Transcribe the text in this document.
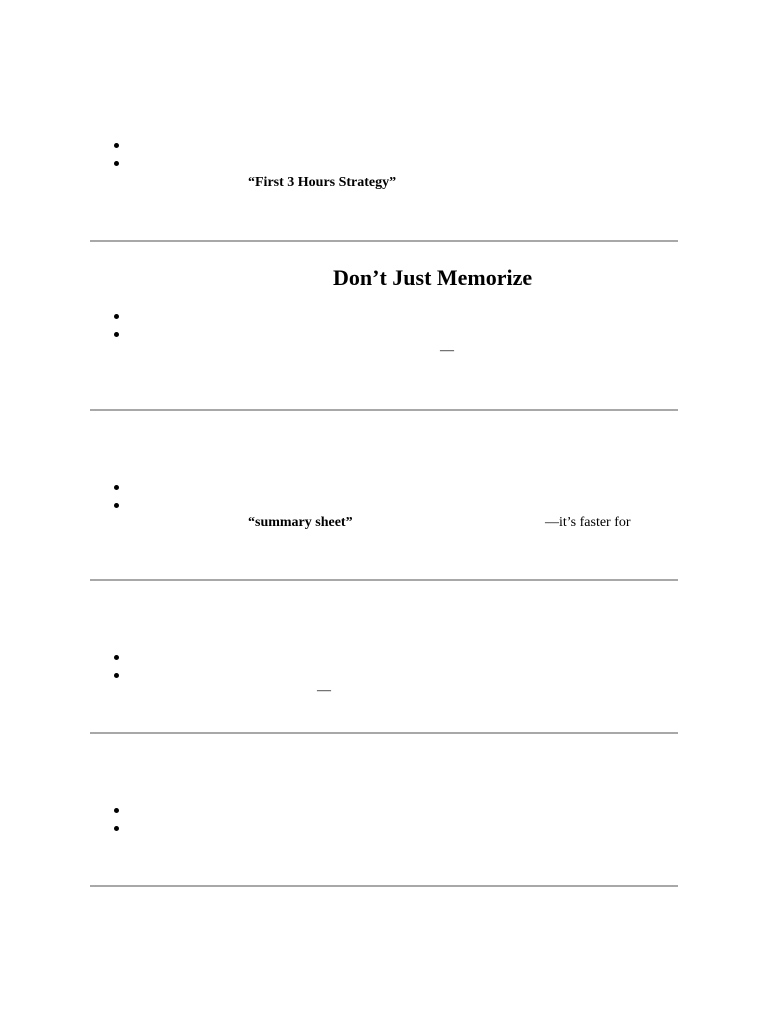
“First 3 Hours Strategy”
Don’t Just Memorize
—
“summary sheet”	—it’s faster for
—
